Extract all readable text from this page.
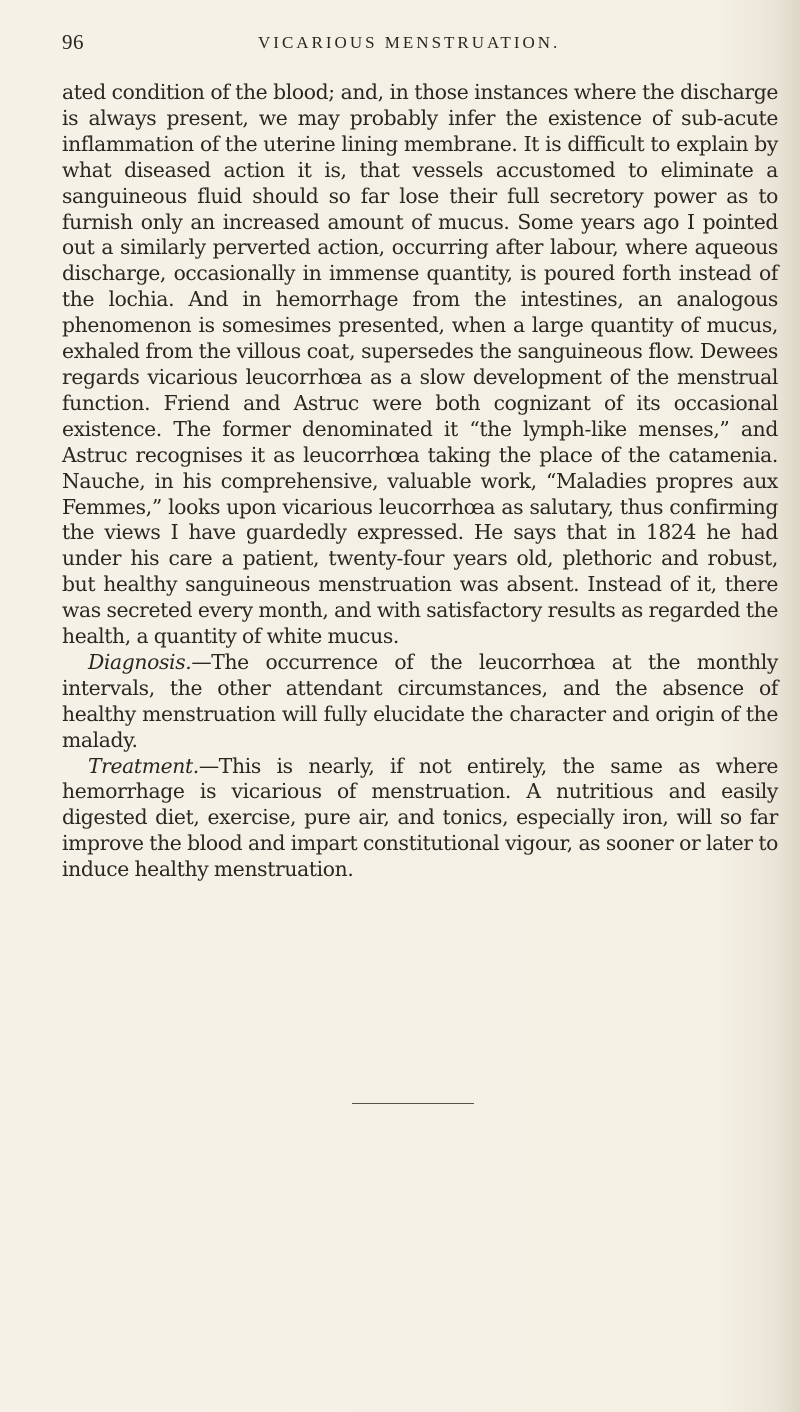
96	VICARIOUS MENSTRUATION.

ated condition of the blood; and, in those instances where the discharge is always present, we may probably infer the existence of sub-acute inflammation of the uterine lining membrane. It is difficult to explain by what diseased action it is, that vessels accustomed to eliminate a sanguineous fluid should so far lose their full secretory power as to furnish only an increased amount of mucus. Some years ago I pointed out a similarly perverted action, occurring after labour, where aqueous discharge, occasionally in immense quantity, is poured forth instead of the lochia. And in hemorrhage from the intestines, an analogous phenomenon is somesimes presented, when a large quantity of mucus, exhaled from the villous coat, supersedes the sanguineous flow. Dewees regards vicarious leucorrhœa as a slow development of the menstrual function. Friend and Astruc were both cognizant of its occasional existence. The former denominated it “the lymph-like menses,” and Astruc recognises it as leucorrhœa taking the place of the catamenia. Nauche, in his comprehensive, valuable work, “Maladies propres aux Femmes,” looks upon vicarious leucorrhœa as salutary, thus confirming the views I have guardedly expressed. He says that in 1824 he had under his care a patient, twenty-four years old, plethoric and robust, but healthy sanguineous menstruation was absent. Instead of it, there was secreted every month, and with satisfactory results as regarded the health, a quantity of white mucus.

Diagnosis.—The occurrence of the leucorrhœa at the monthly intervals, the other attendant circumstances, and the absence of healthy menstruation will fully elucidate the character and origin of the malady.

Treatment.—This is nearly, if not entirely, the same as where hemorrhage is vicarious of menstruation. A nutritious and easily digested diet, exercise, pure air, and tonics, especially iron, will so far improve the blood and impart constitutional vigour, as sooner or later to induce healthy menstruation.
